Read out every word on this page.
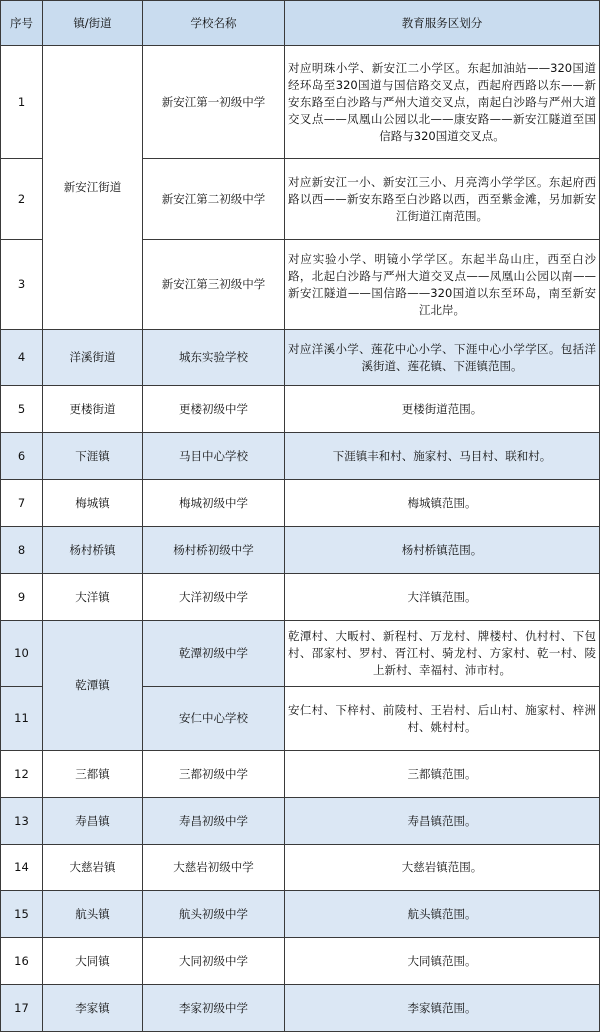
序号	镇/街道	学校名称	教育服务区划分
1	新安江街道	新安江第一初级中学	对应明珠小学、新安江二小学区。东起加油站——320国道经环岛至320国道与国信路交叉点，西起府西路以东——新安东路至白沙路与严州大道交叉点，南起白沙路与严州大道交叉点——凤凰山公园以北——康安路——新安江隧道至国信路与320国道交叉点。
2		新安江第二初级中学	对应新安江一小、新安江三小、月亮湾小学学区。东起府西路以西——新安东路至白沙路以西，西至紫金滩，另加新安江街道江南范围。
3		新安江第三初级中学	对应实验小学、明镜小学学区。东起半岛山庄，西至白沙路，北起白沙路与严州大道交叉点——凤凰山公园以南——新安江隧道——国信路——320国道以东至环岛，南至新安江北岸。
4	洋溪街道	城东实验学校	对应洋溪小学、莲花中心小学、下涯中心小学学区。包括洋溪街道、莲花镇、下涯镇范围。
5	更楼街道	更楼初级中学	更楼街道范围。
6	下涯镇	马目中心学校	下涯镇丰和村、施家村、马目村、联和村。
7	梅城镇	梅城初级中学	梅城镇范围。
8	杨村桥镇	杨村桥初级中学	杨村桥镇范围。
9	大洋镇	大洋初级中学	大洋镇范围。
10	乾潭镇	乾潭初级中学	乾潭村、大畈村、新程村、万龙村、牌楼村、仇村村、下包村、邵家村、罗村、胥江村、骑龙村、方家村、乾一村、陵上新村、幸福村、沛市村。
11		安仁中心学校	安仁村、下梓村、前陵村、王岩村、后山村、施家村、梓洲村、姚村村。
12	三都镇	三都初级中学	三都镇范围。
13	寿昌镇	寿昌初级中学	寿昌镇范围。
14	大慈岩镇	大慈岩初级中学	大慈岩镇范围。
15	航头镇	航头初级中学	航头镇范围。
16	大同镇	大同初级中学	大同镇范围。
17	李家镇	李家初级中学	李家镇范围。
